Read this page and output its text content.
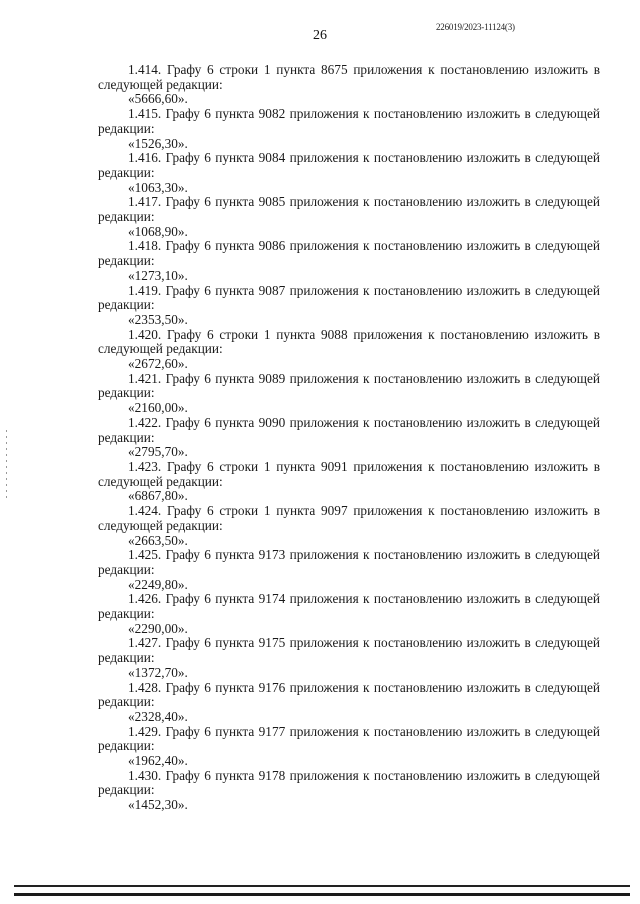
226019/2023-11124(3)
26

1.414. Графу 6 строки 1 пункта 8675 приложения к постановлению изложить в следующей редакции:

«5666,60».

1.415. Графу 6 пункта 9082 приложения к постановлению изложить в следующей редакции:

«1526,30».

1.416. Графу 6 пункта 9084 приложения к постановлению изложить в следующей редакции:

«1063,30».

1.417. Графу 6 пункта 9085 приложения к постановлению изложить в следующей редакции:

«1068,90».

1.418. Графу 6 пункта 9086 приложения к постановлению изложить в следующей редакции:

«1273,10».

1.419. Графу 6 пункта 9087 приложения к постановлению изложить в следующей редакции:

«2353,50».

1.420. Графу 6 строки 1 пункта 9088 приложения к постановлению изложить в следующей редакции:

«2672,60».

1.421. Графу 6 пункта 9089 приложения к постановлению изложить в следующей редакции:

«2160,00».

1.422. Графу 6 пункта 9090 приложения к постановлению изложить в следующей редакции:

«2795,70».

1.423. Графу 6 строки 1 пункта 9091 приложения к постановлению изложить в следующей редакции:

«6867,80».

1.424. Графу 6 строки 1 пункта 9097 приложения к постановлению изложить в следующей редакции:

«2663,50».

1.425. Графу 6 пункта 9173 приложения к постановлению изложить в следующей редакции:

«2249,80».

1.426. Графу 6 пункта 9174 приложения к постановлению изложить в следующей редакции:

«2290,00».

1.427. Графу 6 пункта 9175 приложения к постановлению изложить в следующей редакции:

«1372,70».

1.428. Графу 6 пункта 9176 приложения к постановлению изложить в следующей редакции:

«2328,40».

1.429. Графу 6 пункта 9177 приложения к постановлению изложить в следующей редакции:

«1962,40».

1.430. Графу 6 пункта 9178 приложения к постановлению изложить в следующей редакции:

«1452,30».
